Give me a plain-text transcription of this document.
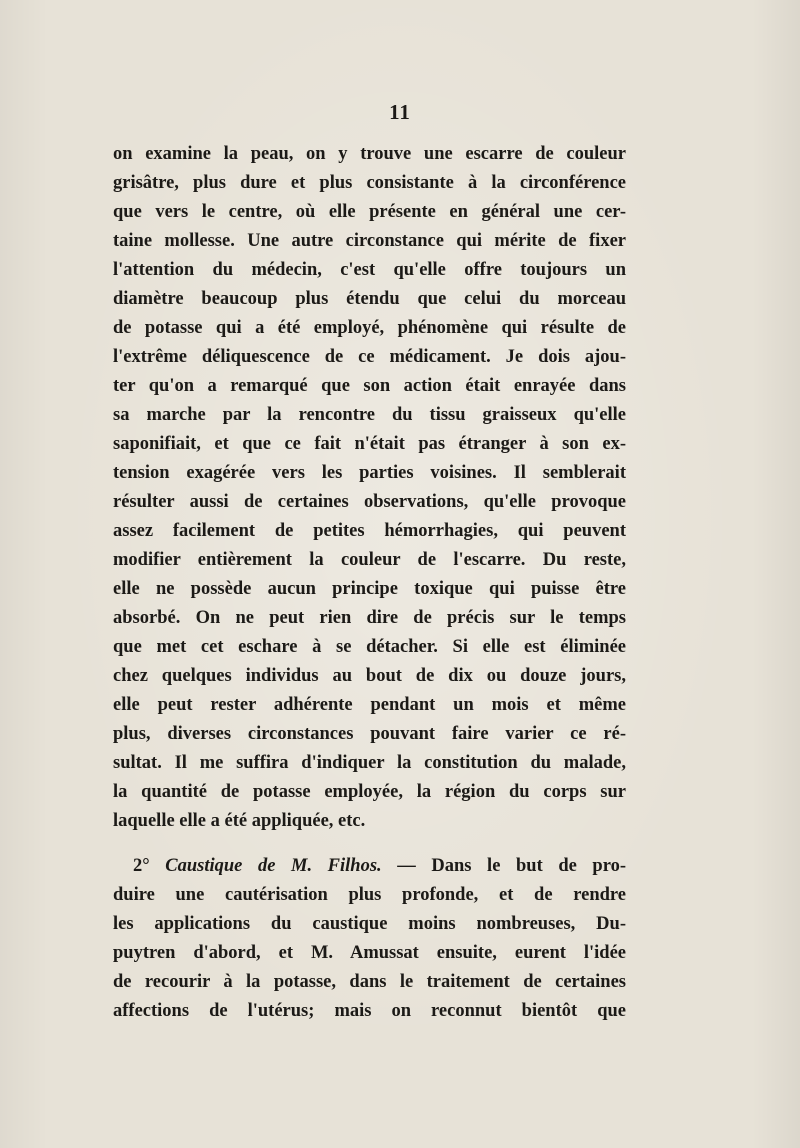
11
on examine la peau, on y trouve une escarre de couleur
grisâtre, plus dure et plus consistante à la circonférence
que vers le centre, où elle présente en général une cer-
taine mollesse. Une autre circonstance qui mérite de fixer
l'attention du médecin, c'est qu'elle offre toujours un
diamètre beaucoup plus étendu que celui du morceau
de potasse qui a été employé, phénomène qui résulte de
l'extrême déliquescence de ce médicament. Je dois ajou-
ter qu'on a remarqué que son action était enrayée dans
sa marche par la rencontre du tissu graisseux qu'elle
saponifiait, et que ce fait n'était pas étranger à son ex-
tension exagérée vers les parties voisines. Il semblerait
résulter aussi de certaines observations, qu'elle provoque
assez facilement de petites hémorrhagies, qui peuvent
modifier entièrement la couleur de l'escarre. Du reste,
elle ne possède aucun principe toxique qui puisse être
absorbé. On ne peut rien dire de précis sur le temps
que met cet eschare à se détacher. Si elle est éliminée
chez quelques individus au bout de dix ou douze jours,
elle peut rester adhérente pendant un mois et même
plus, diverses circonstances pouvant faire varier ce ré-
sultat. Il me suffira d'indiquer la constitution du malade,
la quantité de potasse employée, la région du corps sur
laquelle elle a été appliquée, etc.
2° Caustique de M. Filhos. — Dans le but de pro-
duire une cautérisation plus profonde, et de rendre
les applications du caustique moins nombreuses, Du-
puytren d'abord, et M. Amussat ensuite, eurent l'idée
de recourir à la potasse, dans le traitement de certaines
affections de l'utérus; mais on reconnut bientôt que
